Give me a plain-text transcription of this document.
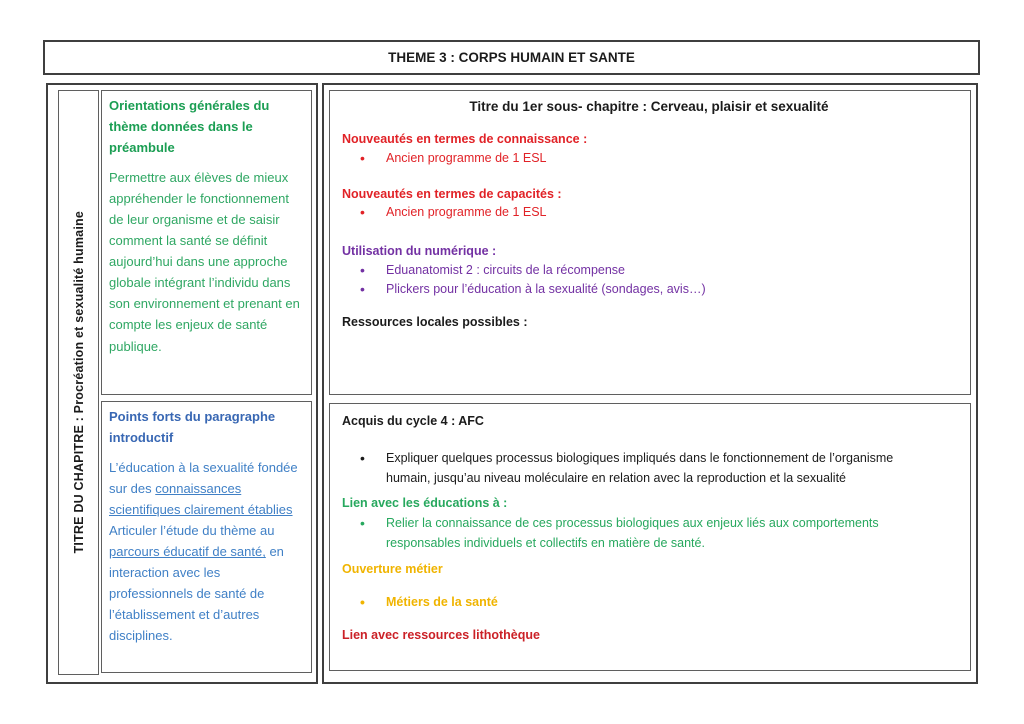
THEME 3 : CORPS HUMAIN ET SANTE
TITRE DU CHAPITRE : Procréation et sexualité humaine

Orientations générales du thème données dans le préambule

Permettre aux élèves de mieux appréhender le fonctionnement de leur organisme et de saisir comment la santé se définit aujourd’hui dans une approche globale intégrant l’individu dans son environnement et prenant en compte les enjeux de santé publique.

Points forts du paragraphe introductif

L’éducation à la sexualité fondée sur des connaissances scientifiques clairement établies Articuler l’étude du thème au parcours éducatif de santé, en interaction avec les professionnels de santé de l’établissement et d’autres disciplines.

Titre du 1er sous- chapitre : Cerveau, plaisir et sexualité

Nouveautés en termes de connaissance :

• Ancien programme de 1 ESL

Nouveautés en termes de capacités :

• Ancien programme de 1 ESL

Utilisation du numérique :

• Eduanatomist 2 : circuits de la récompense
• Plickers pour l’éducation à la sexualité (sondages, avis…)

Ressources locales possibles :

Acquis du cycle 4 : AFC

• Expliquer quelques processus biologiques impliqués dans le fonctionnement de l’organisme humain, jusqu’au niveau moléculaire en relation avec la reproduction et la sexualité

Lien avec les éducations à :

• Relier la connaissance de ces processus biologiques aux enjeux liés aux comportements responsables individuels et collectifs en matière de santé.

Ouverture métier

• Métiers de la santé

Lien avec ressources lithothèque
